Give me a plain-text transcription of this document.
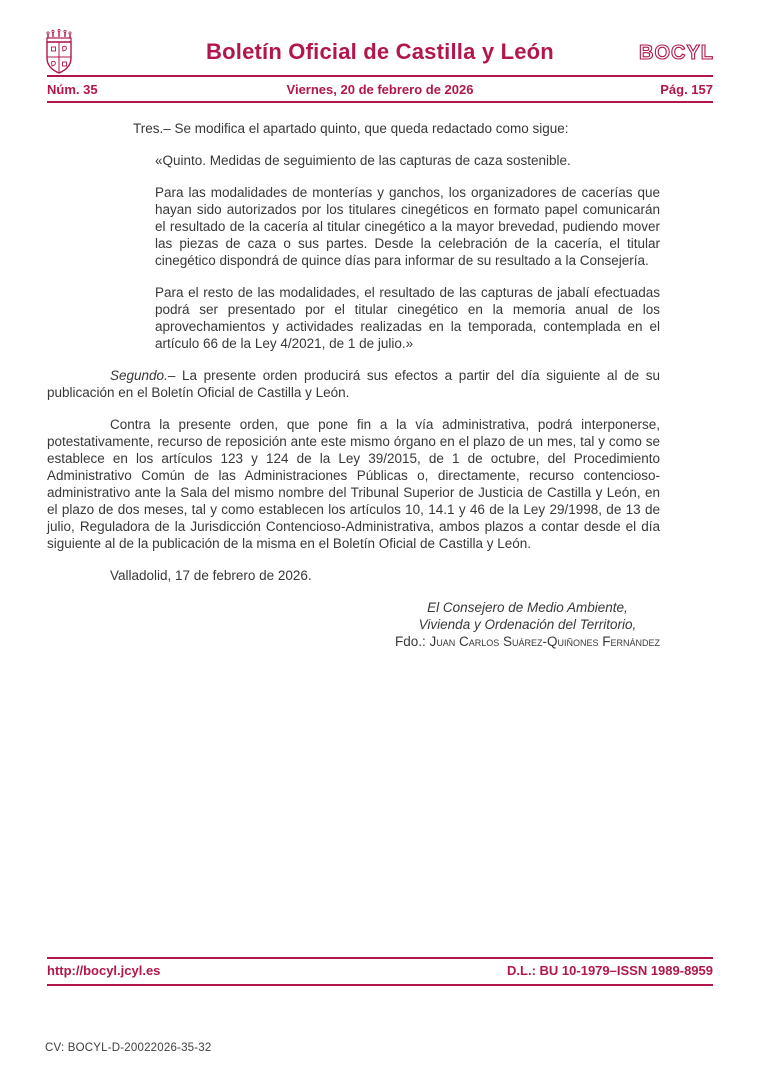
Boletín Oficial de Castilla y León	BOCYL
Núm. 35	Viernes, 20 de febrero de 2026	Pág. 157

Tres.– Se modifica el apartado quinto, que queda redactado como sigue:

«Quinto. Medidas de seguimiento de las capturas de caza sostenible.

Para las modalidades de monterías y ganchos, los organizadores de cacerías que hayan sido autorizados por los titulares cinegéticos en formato papel comunicarán el resultado de la cacería al titular cinegético a la mayor brevedad, pudiendo mover las piezas de caza o sus partes. Desde la celebración de la cacería, el titular cinegético dispondrá de quince días para informar de su resultado a la Consejería.

Para el resto de las modalidades, el resultado de las capturas de jabalí efectuadas podrá ser presentado por el titular cinegético en la memoria anual de los aprovechamientos y actividades realizadas en la temporada, contemplada en el artículo 66 de la Ley 4/2021, de 1 de julio.»

Segundo.– La presente orden producirá sus efectos a partir del día siguiente al de su publicación en el Boletín Oficial de Castilla y León.

Contra la presente orden, que pone fin a la vía administrativa, podrá interponerse, potestativamente, recurso de reposición ante este mismo órgano en el plazo de un mes, tal y como se establece en los artículos 123 y 124 de la Ley 39/2015, de 1 de octubre, del Procedimiento Administrativo Común de las Administraciones Públicas o, directamente, recurso contencioso-administrativo ante la Sala del mismo nombre del Tribunal Superior de Justicia de Castilla y León, en el plazo de dos meses, tal y como establecen los artículos 10, 14.1 y 46 de la Ley 29/1998, de 13 de julio, Reguladora de la Jurisdicción Contencioso-Administrativa, ambos plazos a contar desde el día siguiente al de la publicación de la misma en el Boletín Oficial de Castilla y León.

Valladolid, 17 de febrero de 2026.

El Consejero de Medio Ambiente,
Vivienda y Ordenación del Territorio,
Fdo.: Juan Carlos Suárez-Quiñones Fernández
http://bocyl.jcyl.es	D.L.: BU 10-1979–ISSN 1989-8959
CV: BOCYL-D-20022026-35-32
